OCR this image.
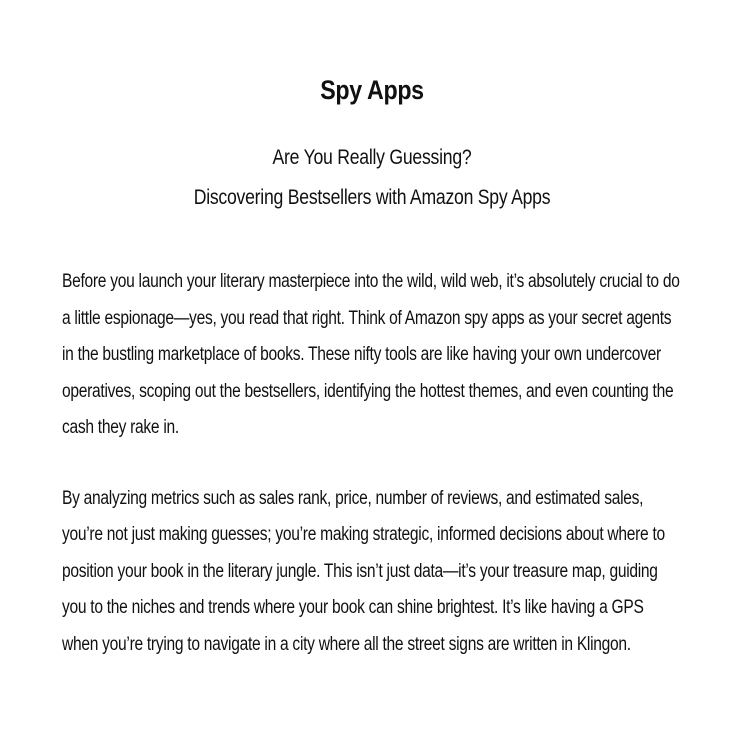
Spy Apps
Are You Really Guessing?
Discovering Bestsellers with Amazon Spy Apps

Before you launch your literary masterpiece into the wild, wild web, it’s absolutely crucial to do a little espionage—yes, you read that right. Think of Amazon spy apps as your secret agents in the bustling marketplace of books. These nifty tools are like having your own undercover operatives, scoping out the bestsellers, identifying the hottest themes, and even counting the cash they rake in.

By analyzing metrics such as sales rank, price, number of reviews, and estimated sales, you’re not just making guesses; you’re making strategic, informed decisions about where to position your book in the literary jungle. This isn’t just data—it’s your treasure map, guiding you to the niches and trends where your book can shine brightest. It’s like having a GPS when you’re trying to navigate in a city where all the street signs are written in Klingon.
